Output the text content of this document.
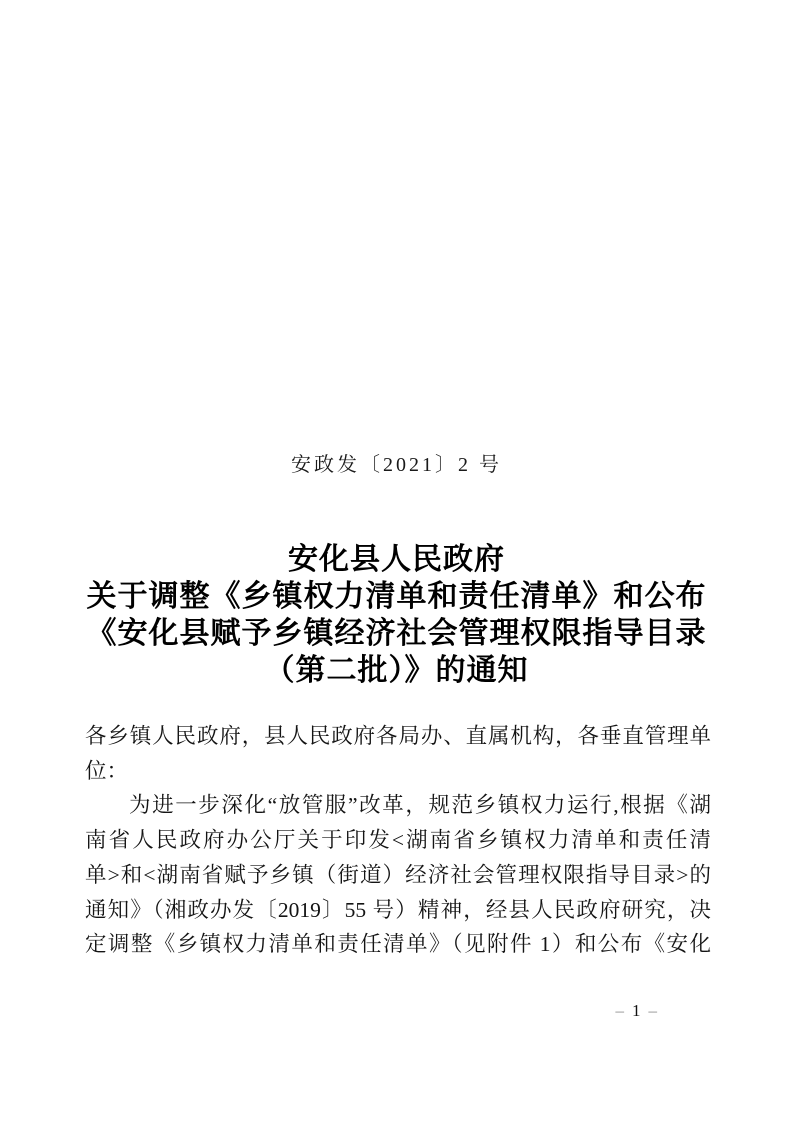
安政发〔2021〕2 号
安化县人民政府
关于调整《乡镇权力清单和责任清单》和公布
《安化县赋予乡镇经济社会管理权限指导目录
（第二批）》的通知
各乡镇人民政府，县人民政府各局办、直属机构，各垂直管理单
位：
为进一步深化“放管服”改革，规范乡镇权力运行,根据《湖
南省人民政府办公厅关于印发<湖南省乡镇权力清单和责任清
单>和<湖南省赋予乡镇（街道）经济社会管理权限指导目录>的
通知》（湘政办发〔2019〕55 号）精神，经县人民政府研究，决
定调整《乡镇权力清单和责任清单》（见附件 1）和公布《安化
– 1 –
